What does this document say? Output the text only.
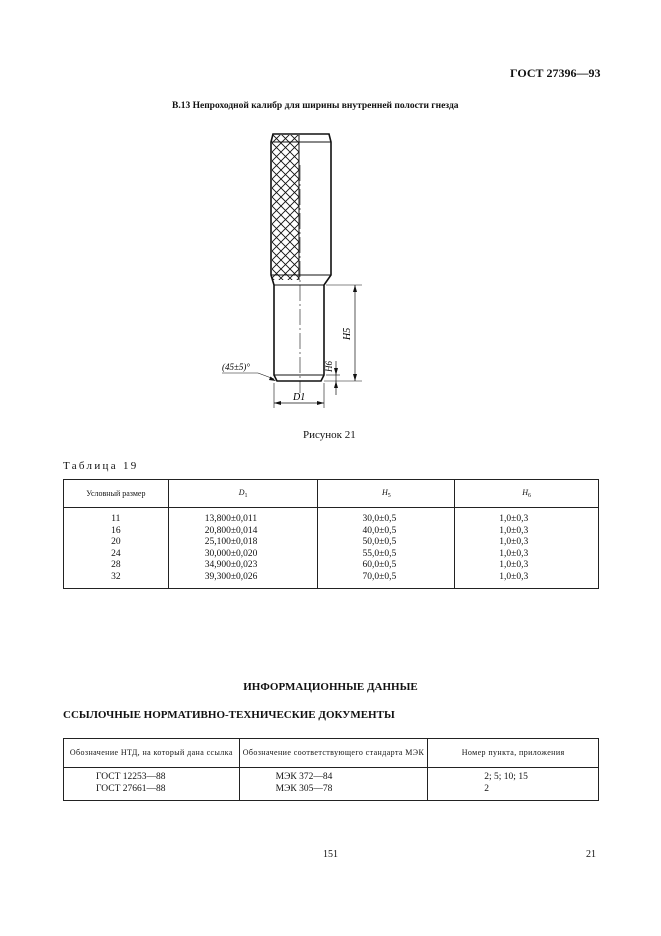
ГОСТ 27396—93
В.13 Непроходной калибр для ширины внутренней полости гнезда
H5
H6
D1
(45±5)°
Рисунок 21
Таблица 19
Условный размер	$D_1$	$H_5$	$H_6$
11	13,800±0,011	30,0±0,5	1,0±0,3
16	20,800±0,014	40,0±0,5	1,0±0,3
20	25,100±0,018	50,0±0,5	1,0±0,3
24	30,000±0,020	55,0±0,5	1,0±0,3
28	34,900±0,023	60,0±0,5	1,0±0,3
32	39,300±0,026	70,0±0,5	1,0±0,3
ИНФОРМАЦИОННЫЕ ДАННЫЕ
ССЫЛОЧНЫЕ НОРМАТИВНО-ТЕХНИЧЕСКИЕ ДОКУМЕНТЫ
Обозначение НТД, на который дана ссылка	Обозначение соответствующего стандарта МЭК	Номер пункта, приложения
ГОСТ 12253—88	МЭК 372—84	2; 5; 10; 15
ГОСТ 27661—88	МЭК 305—78	2
151	21
